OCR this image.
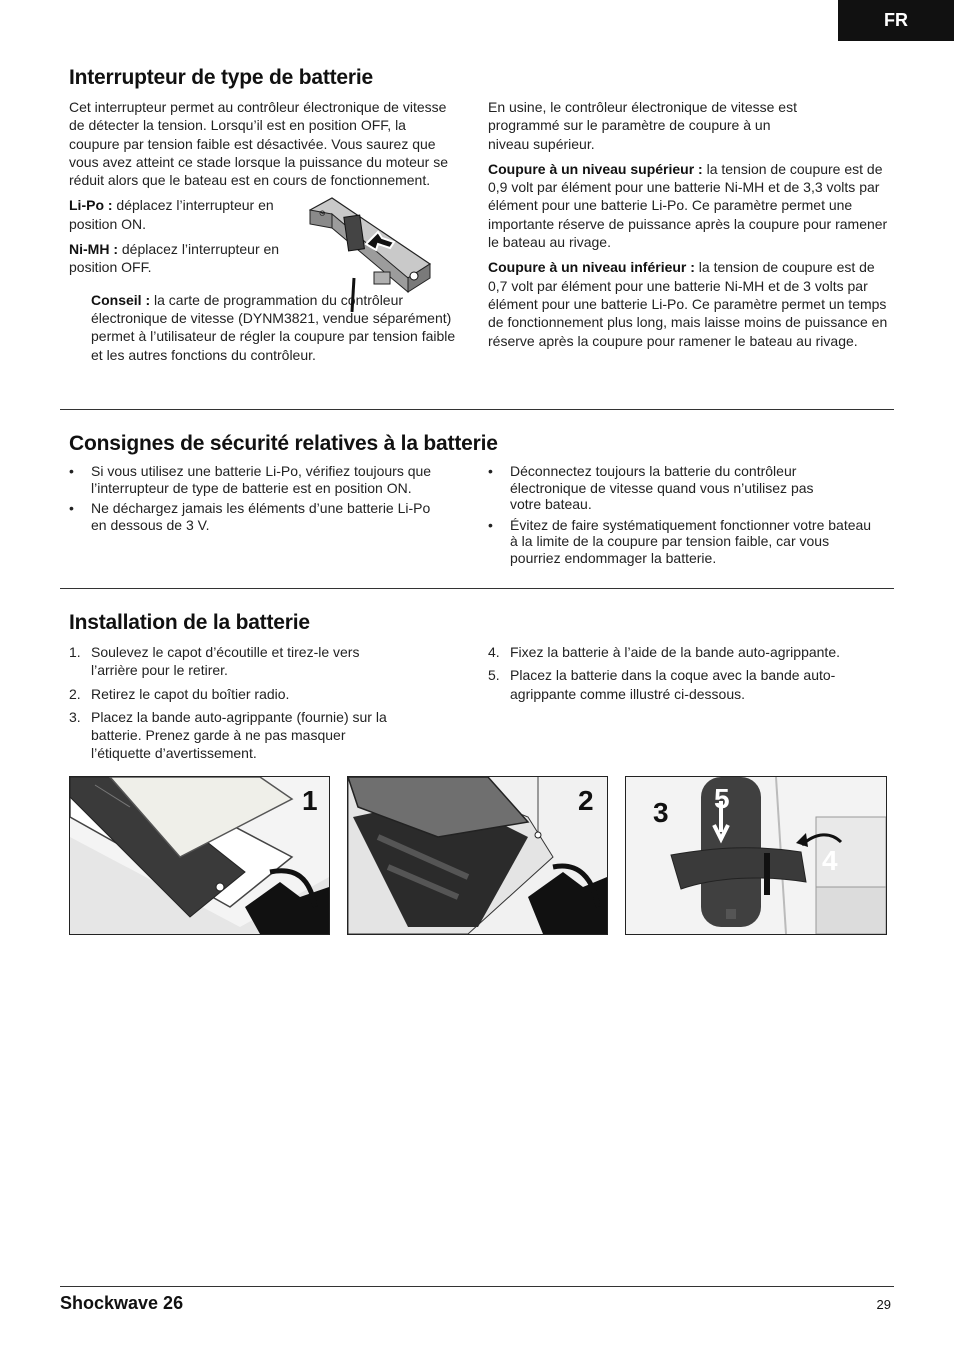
FR
Interrupteur de type de batterie

Cet interrupteur permet au contrôleur électronique de vitesse de détecter la tension. Lorsqu’il est en position OFF, la coupure par tension faible est désactivée. Vous saurez que vous avez atteint ce stade lorsque la puissance du moteur se réduit alors que le bateau est en cours de fonctionnement.

Li-Po : déplacez l’interrupteur en position ON.

Ni-MH : déplacez l’interrupteur en position OFF.

Conseil : la carte de programmation du contrôleur électronique de vitesse (DYNM3821, vendue séparément) permet à l’utilisateur de régler la coupure par tension faible et les autres fonctions du contrôleur.

⊘

En usine, le contrôleur électronique de vitesse est programmé sur le paramètre de coupure à un niveau supérieur.

Coupure à un niveau supérieur : la tension de coupure est de 0,9 volt par élément pour une batterie Ni-MH et de 3,3 volts par élément pour une batterie Li-Po. Ce paramètre permet une importante réserve de puissance après la coupure pour ramener le bateau au rivage.

Coupure à un niveau inférieur : la tension de coupure est de 0,7 volt par élément pour une batterie Ni-MH et de 3 volts par élément pour une batterie Li-Po. Ce paramètre permet un temps de fonctionnement plus long, mais laisse moins de puissance en réserve après la coupure pour ramener le bateau au rivage.

Consignes de sécurité relatives à la batterie
• Si vous utilisez une batterie Li-Po, vérifiez toujours que l’interrupteur de type de batterie est en position ON.
• Ne déchargez jamais les éléments d’une batterie Li-Po en dessous de 3 V.
• Déconnectez toujours la batterie du contrôleur électronique de vitesse quand vous n’utilisez pas votre bateau.
• Évitez de faire systématiquement fonctionner votre bateau à la limite de la coupure par tension faible, car vous pourriez endommager la batterie.
Installation de la batterie
1. Soulevez le capot d’écoutille et tirez-le vers l’arrière pour le retirer.
2. Retirez le capot du boîtier radio.
3. Placez la bande auto-agrippante (fournie) sur la batterie. Prenez garde à ne pas masquer l’étiquette d’avertissement.
4. Fixez la batterie à l’aide de la bande auto-agrippante.
5. Placez la batterie dans la coque avec la bande auto-agrippante comme illustré ci-dessous.
1	2 3 5
4
Shockwave 26	29
